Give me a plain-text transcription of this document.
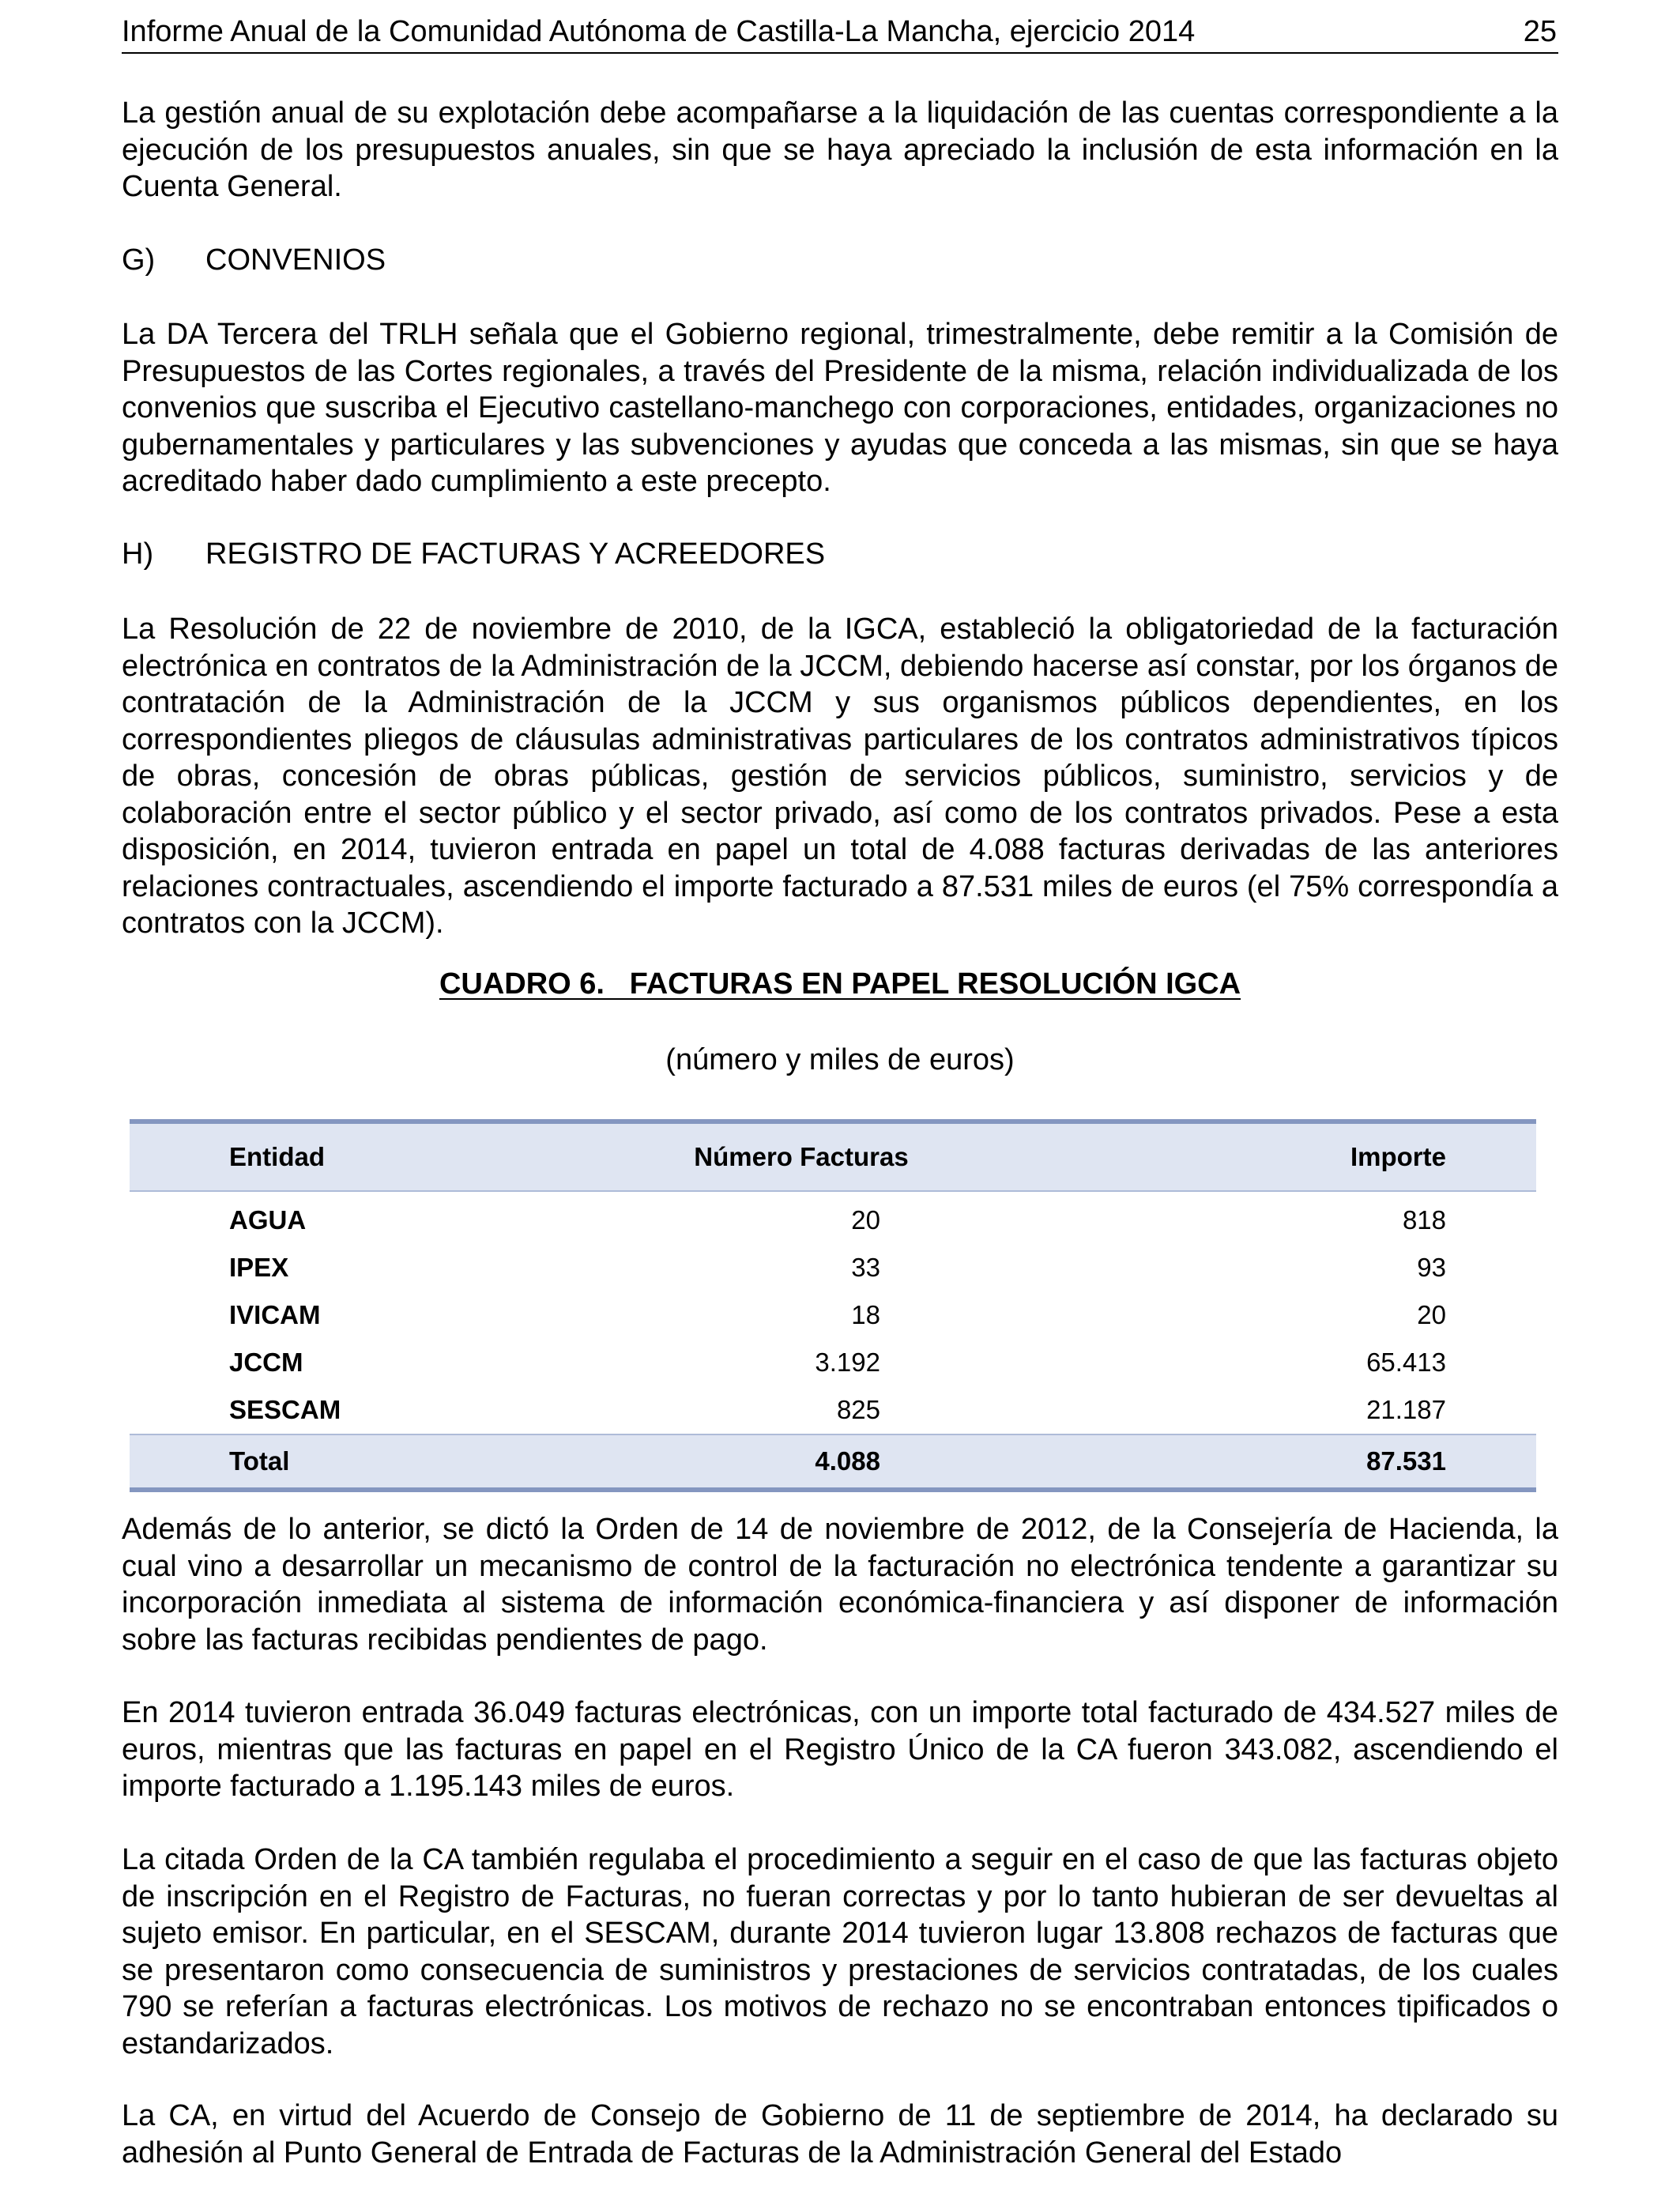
Informe Anual de la Comunidad Autónoma de Castilla-La Mancha, ejercicio 2014	25

La gestión anual de su explotación debe acompañarse a la liquidación de las cuentas correspondiente a la ejecución de los presupuestos anuales, sin que se haya apreciado la inclusión de esta información en la Cuenta General.

G) CONVENIOS

La DA Tercera del TRLH señala que el Gobierno regional, trimestralmente, debe remitir a la Comisión de Presupuestos de las Cortes regionales, a través del Presidente de la misma, relación individualizada de los convenios que suscriba el Ejecutivo castellano-manchego con corporaciones, entidades, organizaciones no gubernamentales y particulares y las subvenciones y ayudas que conceda a las mismas, sin que se haya acreditado haber dado cumplimiento a este precepto.

H) REGISTRO DE FACTURAS Y ACREEDORES

La Resolución de 22 de noviembre de 2010, de la IGCA, estableció la obligatoriedad de la facturación electrónica en contratos de la Administración de la JCCM, debiendo hacerse así constar, por los órganos de contratación de la Administración de la JCCM y sus organismos públicos dependientes, en los correspondientes pliegos de cláusulas administrativas particulares de los contratos administrativos típicos de obras, concesión de obras públicas, gestión de servicios públicos, suministro, servicios y de colaboración entre el sector público y el sector privado, así como de los contratos privados. Pese a esta disposición, en 2014, tuvieron entrada en papel un total de 4.088 facturas derivadas de las anteriores relaciones contractuales, ascendiendo el importe facturado a 87.531 miles de euros (el 75% correspondía a contratos con la JCCM).

CUADRO 6.   FACTURAS EN PAPEL RESOLUCIÓN IGCA
(número y miles de euros)
Entidad	Número Facturas	Importe
AGUA	20	818
IPEX	33	93
IVICAM	18	20
JCCM	3.192	65.413
SESCAM	825	21.187
Total	4.088	87.531

Además de lo anterior, se dictó la Orden de 14 de noviembre de 2012, de la Consejería de Hacienda, la cual vino a desarrollar un mecanismo de control de la facturación no electrónica tendente a garantizar su incorporación inmediata al sistema de información económica-financiera y así disponer de información sobre las facturas recibidas pendientes de pago.

En 2014 tuvieron entrada 36.049 facturas electrónicas, con un importe total facturado de 434.527 miles de euros, mientras que las facturas en papel en el Registro Único de la CA fueron 343.082, ascendiendo el importe facturado a 1.195.143 miles de euros.

La citada Orden de la CA también regulaba el procedimiento a seguir en el caso de que las facturas objeto de inscripción en el Registro de Facturas, no fueran correctas y por lo tanto hubieran de ser devueltas al sujeto emisor. En particular, en el SESCAM, durante 2014 tuvieron lugar 13.808 rechazos de facturas que se presentaron como consecuencia de suministros y prestaciones de servicios contratadas, de los cuales 790 se referían a facturas electrónicas. Los motivos de rechazo no se encontraban entonces tipificados o estandarizados.

La CA, en virtud del Acuerdo de Consejo de Gobierno de 11 de septiembre de 2014, ha declarado su adhesión al Punto General de Entrada de Facturas de la Administración General del Estado
